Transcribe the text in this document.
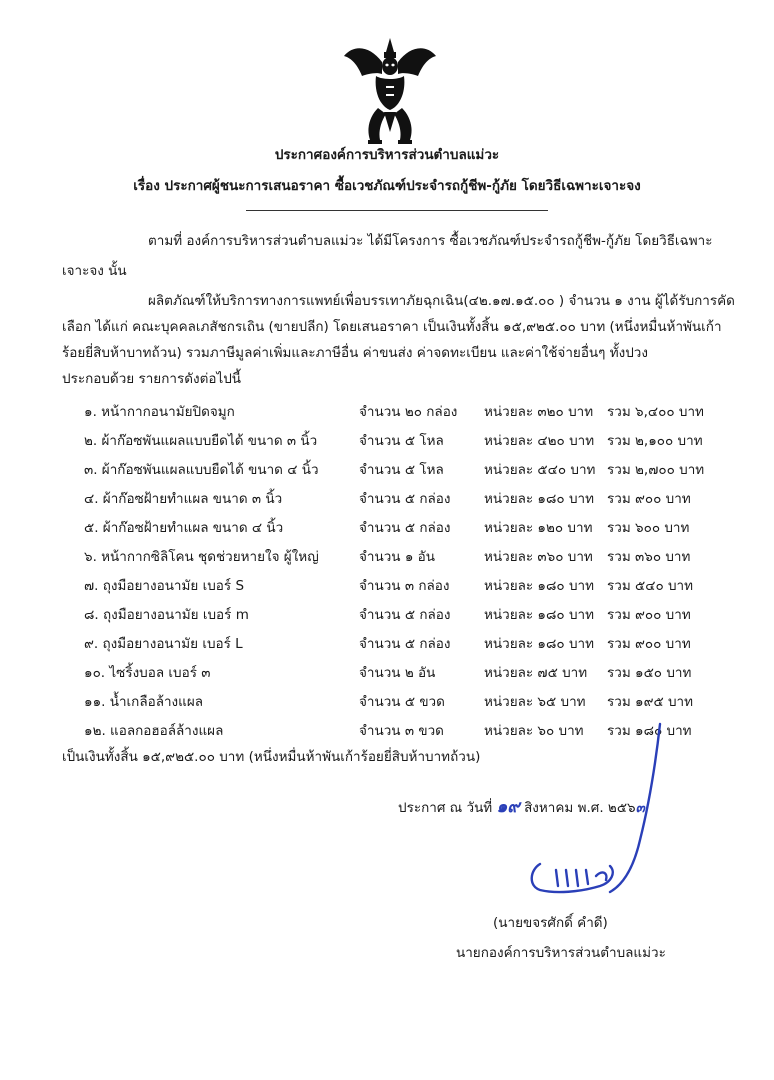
ประกาศองค์การบริหารส่วนตำบลแม่วะ
เรื่อง ประกาศผู้ชนะการเสนอราคา ซื้อเวชภัณฑ์ประจำรถกู้ชีพ-กู้ภัย โดยวิธีเฉพาะเจาะจง
ตามที่ องค์การบริหารส่วนตำบลแม่วะ ได้มีโครงการ ซื้อเวชภัณฑ์ประจำรถกู้ชีพ-กู้ภัย โดยวิธีเฉพาะ
เจาะจง นั้น
ผลิตภัณฑ์ให้บริการทางการแพทย์เพื่อบรรเทาภัยฉุกเฉิน(๔๒.๑๗.๑๕.๐๐ ) จำนวน ๑ งาน ผู้ได้รับการคัด
เลือก ได้แก่ คณะบุคคลเภสัชกรเถิน (ขายปลีก) โดยเสนอราคา เป็นเงินทั้งสิ้น ๑๕,๙๒๕.๐๐ บาท (หนึ่งหมื่นห้าพันเก้า
ร้อยยี่สิบห้าบาทถ้วน) รวมภาษีมูลค่าเพิ่มและภาษีอื่น ค่าขนส่ง ค่าจดทะเบียน และค่าใช้จ่ายอื่นๆ ทั้งปวง
ประกอบด้วย รายการดังต่อไปนี้
๑. หน้ากากอนามัยปิดจมูก	จำนวน ๒๐ กล่อง หน่วยละ ๓๒๐ บาท รวม ๖,๔๐๐ บาท
๒. ผ้าก๊อซพันแผลแบบยืดได้ ขนาด ๓ นิ้ว	จำนวน ๕ โหล	หน่วยละ ๔๒๐ บาท รวม ๒,๑๐๐ บาท
๓. ผ้าก๊อซพันแผลแบบยืดได้ ขนาด ๔ นิ้ว	จำนวน ๕ โหล	หน่วยละ ๕๔๐ บาท รวม ๒,๗๐๐ บาท
๔. ผ้าก๊อซฝ้ายทำแผล ขนาด ๓ นิ้ว	จำนวน ๕ กล่อง หน่วยละ ๑๘๐ บาท รวม ๙๐๐ บาท
๕. ผ้าก๊อซฝ้ายทำแผล ขนาด ๔ นิ้ว	จำนวน ๕ กล่อง หน่วยละ ๑๒๐ บาท รวม ๖๐๐ บาท
๖. หน้ากากซิลิโคน ชุดช่วยหายใจ ผู้ใหญ่	จำนวน ๑ อัน	หน่วยละ ๓๖๐ บาท รวม ๓๖๐ บาท
๗. ถุงมือยางอนามัย เบอร์ S	จำนวน ๓ กล่อง	หน่วยละ ๑๘๐ บาท รวม ๕๔๐ บาท
๘. ถุงมือยางอนามัย เบอร์ m	จำนวน ๕ กล่อง หน่วยละ ๑๘๐ บาท รวม ๙๐๐ บาท
๙. ถุงมือยางอนามัย เบอร์ L	จำนวน ๕ กล่อง หน่วยละ ๑๘๐ บาท รวม ๙๐๐ บาท
๑๐. ไซริ้งบอล เบอร์ ๓	จำนวน ๒ อัน	หน่วยละ ๗๕ บาท รวม ๑๕๐ บาท
๑๑. น้ำเกลือล้างแผล	จำนวน ๕ ขวด	หน่วยละ ๖๕ บาท รวม ๑๙๕ บาท
๑๒. แอลกอฮอล์ล้างแผล	จำนวน ๓ ขวด	หน่วยละ ๖๐ บาท รวม ๑๘๐ บาท
เป็นเงินทั้งสิ้น ๑๕,๙๒๕.๐๐ บาท (หนึ่งหมื่นห้าพันเก้าร้อยยี่สิบห้าบาทถ้วน)
ประกาศ ณ วันที่ ๑๙ สิงหาคม พ.ศ. ๒๕๖๓
(นายขจรศักดิ์ คำดี)
นายกองค์การบริหารส่วนตำบลแม่วะ
